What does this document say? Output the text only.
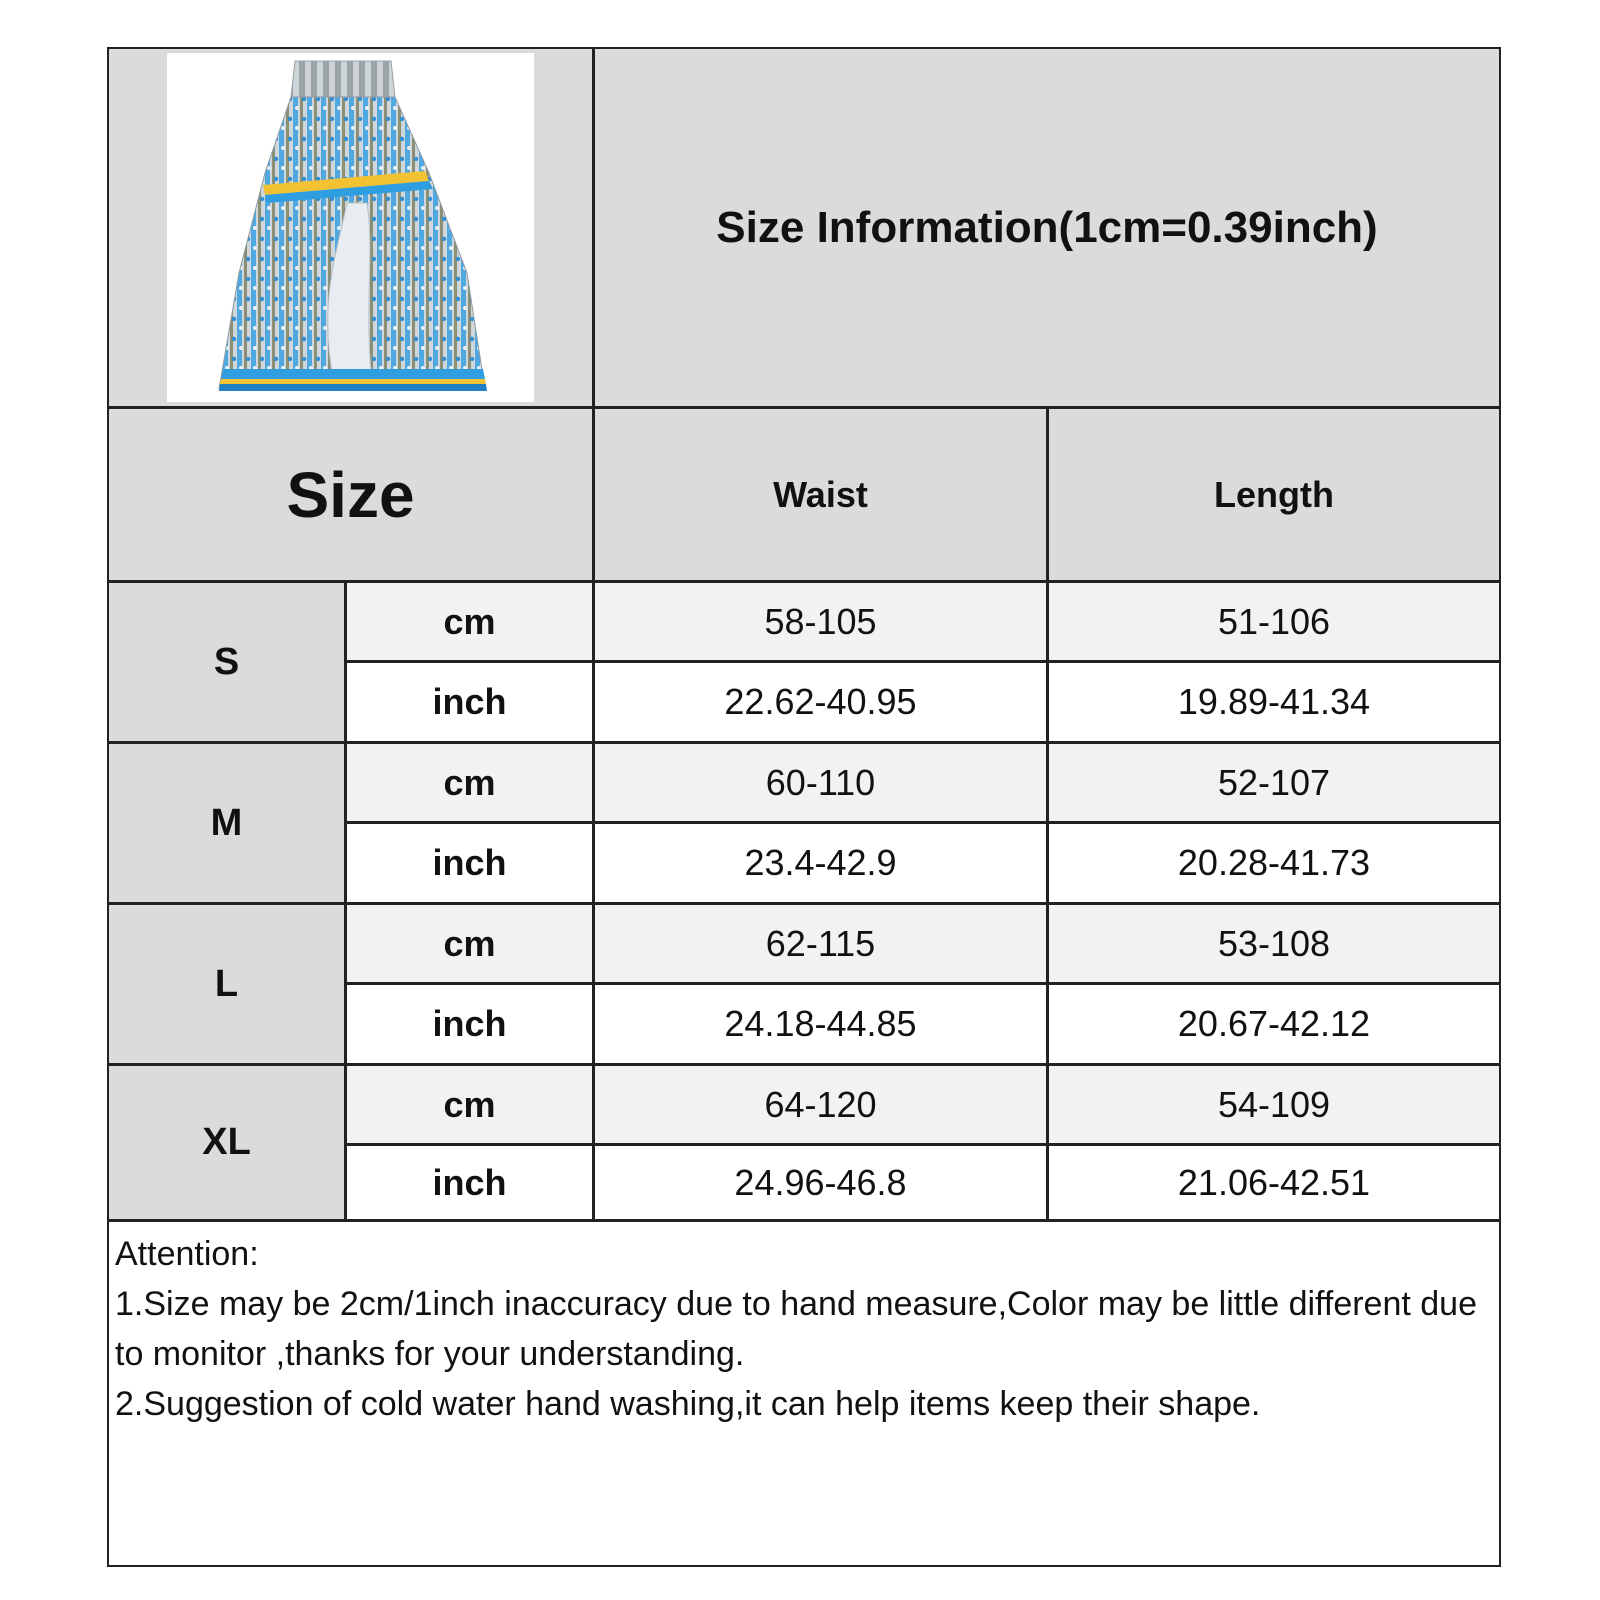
Size Information(1cm=0.39inch)
Size	Waist	Length
S
cm	58-105	51-106
inch	22.62-40.95	19.89-41.34
M
cm	60-110	52-107
inch	23.4-42.9	20.28-41.73
L
cm	62-115	53-108
inch	24.18-44.85	20.67-42.12
XL
cm	64-120	54-109
inch	24.96-46.8	21.06-42.51
Attention:
1.Size may be 2cm/1inch inaccuracy due to hand measure,Color may be little different due to monitor ,thanks for your understanding.
2.Suggestion of cold water hand washing,it can help items keep their shape.
